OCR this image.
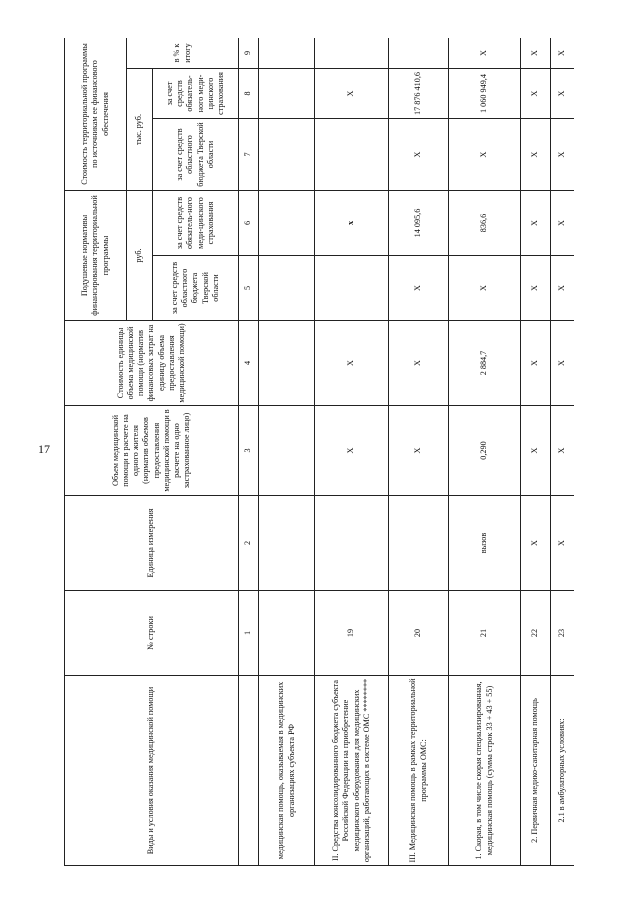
17
Виды и условия оказания медицинской помощи	№ строки	Единица измерения	Объем медицинской помощи в расчете на одного жителя (норматив объемов предоставления медицинской помощи в расчете на одно застрахованное лицо)	Стоимость единицы объема медицинской помощи (норматив финансовых затрат на единицу объема предоставления медицинской помощи)	Подушевые нормативы финансирования территориальной программы		Стоимость территориальной программы по источникам ее финансового обеспечения		
					руб.		тыс. руб.		в % к итогу
					за счет средств областного бюджета Тверской области	за счет средств обязатель-ного меди-цинского страхования	за счет средств областного бюджета Тверской области	за счет средств обязатель-ного меди-цинского страхования	
	1	2	3	4	5	6	7	8	9
медицинская помощь, оказываемая в медицинских организациях субъекта РФ									
II. Средства консолидированного бюджета субъекта Российской Федерации на приобретение медицинского оборудования для медицинских организаций, работающих в системе ОМС ********	19		X	X		x		X	
III. Медицинская помощь в рамках территориальной программы ОМС:	20		X	X	X	14 095,6	X	17 876 410,6	
1. Скорая, в том числе скорая специализированная, медицинская помощь (сумма строк 33 + 43 + 55)	21	вызов	0,290	2 884,7	X	836,6	X	1 060 949,4	X
2. Первичная медико-санитарная помощь	22	X	X	X	X	X	X	X	X
2.1 в амбулаторных условиях:	23	X	X	X	X	X	X	X	X
